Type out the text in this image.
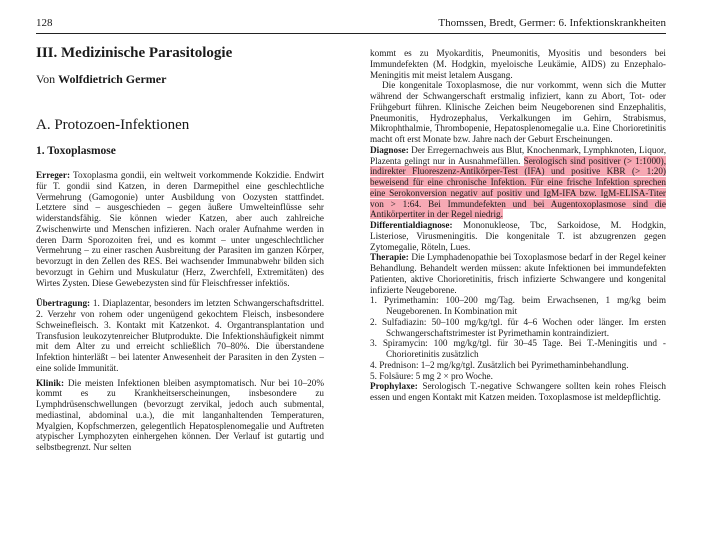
128	Thomssen, Bredt, Germer: 6. Infektionskrankheiten
III. Medizinische Parasitologie
Von Wolfdietrich Germer
A. Protozoen-Infektionen
1. Toxoplasmose

Erreger: Toxoplasma gondii, ein weltweit vorkommende Kokzidie. Endwirt für T. gondii sind Katzen, in deren Darmepithel eine geschlechtliche Vermehrung (Gamogonie) unter Ausbildung von Oozysten stattfindet. Letztere sind – ausgeschieden – gegen äußere Umwelteinflüsse sehr widerstandsfähig. Sie können wieder Katzen, aber auch zahlreiche Zwischenwirte und Menschen infizieren. Nach oraler Aufnahme werden in deren Darm Sporozoiten frei, und es kommt – unter ungeschlechtlicher Vermehrung – zu einer raschen Ausbreitung der Parasiten im ganzen Körper, bevorzugt in den Zellen des RES. Bei wachsender Immunabwehr bilden sich bevorzugt in Gehirn und Muskulatur (Herz, Zwerchfell, Extremitäten) des Wirtes Zysten. Diese Gewebezysten sind für Fleischfresser infektiös.

Übertragung: 1. Diaplazentar, besonders im letzten Schwangerschaftsdrittel. 2. Verzehr von rohem oder ungenügend gekochtem Fleisch, insbesondere Schweinefleisch. 3. Kontakt mit Katzenkot. 4. Organtransplantation und Transfusion leukozytenreicher Blutprodukte. Die Infektionshäufigkeit nimmt mit dem Alter zu und erreicht schließlich 70–80%. Die überstandene Infektion hinterläßt – bei latenter Anwesenheit der Parasiten in den Zysten – eine solide Immunität.

Klinik: Die meisten Infektionen bleiben asymptomatisch. Nur bei 10–20% kommt es zu Krankheitserscheinungen, insbesondere zu Lymphdrüsenschwellungen (bevorzugt zervikal, jedoch auch submental, mediastinal, abdominal u.a.), die mit langanhaltenden Temperaturen, Myalgien, Kopfschmerzen, gelegentlich Hepatosplenomegalie und Auftreten atypischer Lymphozyten einhergehen können. Der Verlauf ist gutartig und selbstbegrenzt. Nur selten

kommt es zu Myokarditis, Pneumonitis, Myositis und besonders bei Immundefekten (M. Hodgkin, myeloische Leukämie, AIDS) zu Enzephalo-Meningitis mit meist letalem Ausgang.

Die kongenitale Toxoplasmose, die nur vorkommt, wenn sich die Mutter während der Schwangerschaft erstmalig infiziert, kann zu Abort, Tot- oder Frühgeburt führen. Klinische Zeichen beim Neugeborenen sind Enzephalitis, Pneumonitis, Hydrozephalus, Verkalkungen im Gehirn, Strabismus, Mikrophthalmie, Thrombopenie, Hepatosplenomegalie u.a. Eine Chorioretinitis macht oft erst Monate bzw. Jahre nach der Geburt Erscheinungen.

Diagnose: Der Erregernachweis aus Blut, Knochenmark, Lymphknoten, Liquor, Plazenta gelingt nur in Ausnahmefällen. Serologisch sind positiver (> 1:1000), indirekter Fluoreszenz-Antikörper-Test (IFA) und positive KBR (> 1:20) beweisend für eine chronische Infektion. Für eine frische Infektion sprechen eine Serokonversion negativ auf positiv und IgM-IFA bzw. IgM-ELISA-Titer von > 1:64. Bei Immundefekten und bei Augentoxoplasmose sind die Antikörpertiter in der Regel niedrig.

Differentialdiagnose: Mononukleose, Tbc, Sarkoidose, M. Hodgkin, Listeriose, Virusmeningitis. Die kongenitale T. ist abzugrenzen gegen Zytomegalie, Röteln, Lues.

Therapie: Die Lymphadenopathie bei Toxoplasmose bedarf in der Regel keiner Behandlung. Behandelt werden müssen: akute Infektionen bei immundefekten Patienten, aktive Chorioretinitis, frisch infizierte Schwangere und kongenital infizierte Neugeborene.

1. Pyrimethamin: 100–200 mg/Tag. beim Erwachsenen, 1 mg/kg beim Neugeborenen. In Kombination mit

2. Sulfadiazin: 50–100 mg/kg/tgl. für 4–6 Wochen oder länger. Im ersten Schwangerschaftstrimester ist Pyrimethamin kontraindiziert.

3. Spiramycin: 100 mg/kg/tgl. für 30–45 Tage. Bei T.-Meningitis und -Chorioretinitis zusätzlich

4. Prednison: 1–2 mg/kg/tgl. Zusätzlich bei Pyrimethaminbehandlung.

5. Folsäure: 5 mg 2 × pro Woche.

Prophylaxe: Serologisch T.-negative Schwangere sollten kein rohes Fleisch essen und engen Kontakt mit Katzen meiden. Toxoplasmose ist meldepflichtig.
